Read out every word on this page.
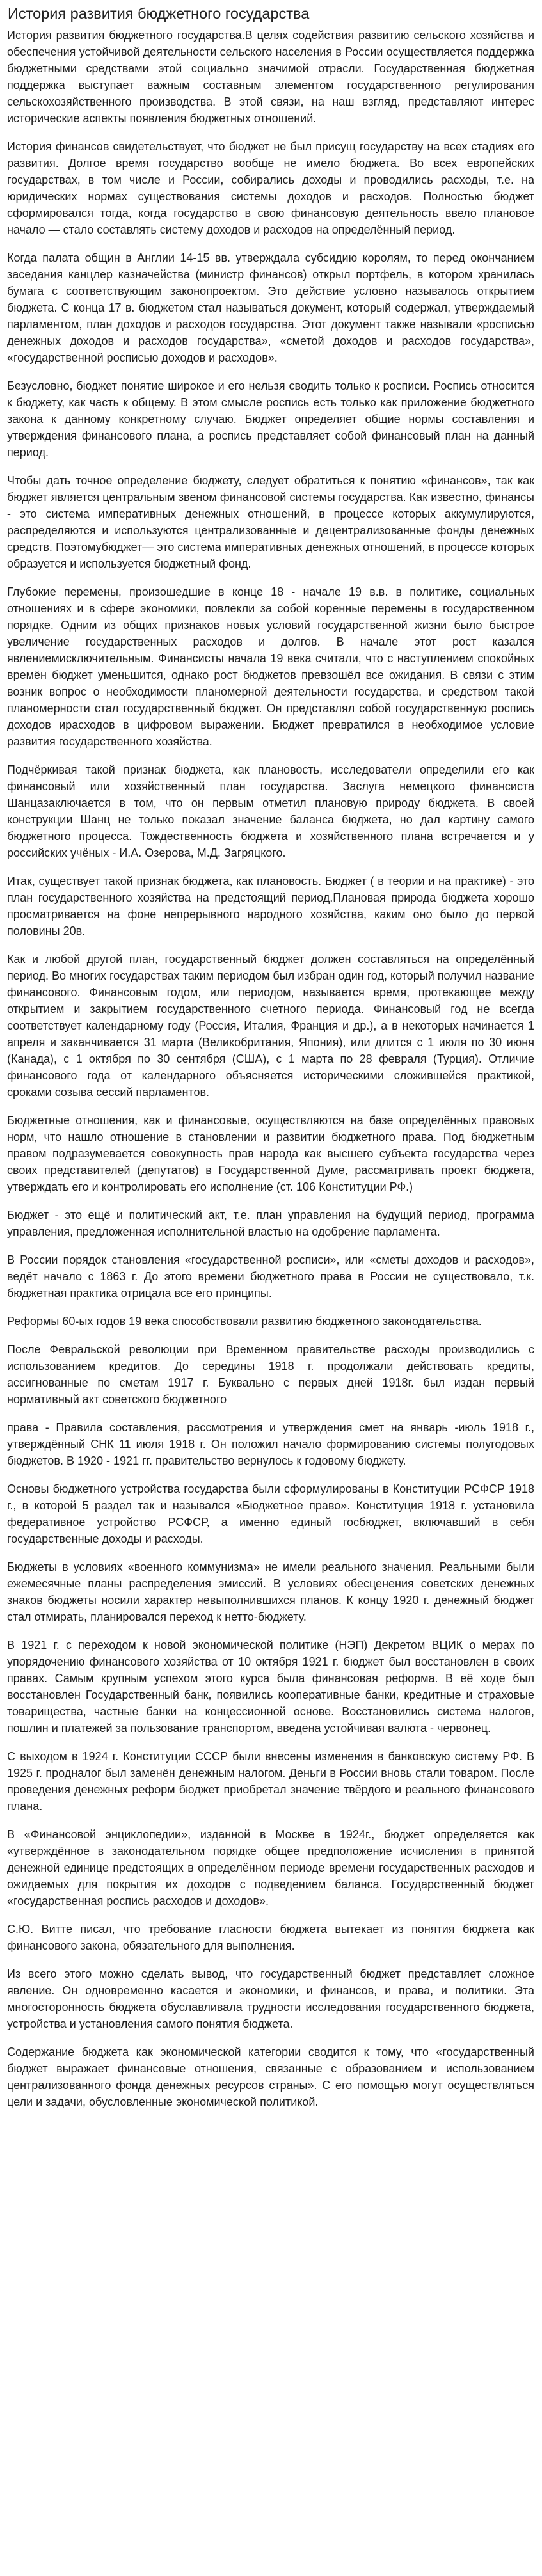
История развития бюджетного государства

История развития бюджетного государства.В целях содействия развитию сельского хозяйства и обеспечения устойчивой деятельности сельского населения в России осуществляется поддержка бюджетными средствами этой социально значимой отрасли. Государственная бюджетная поддержка выступает важным составным элементом государственного регулирования сельскохозяйственного производства. В этой связи, на наш взгляд, представляют интерес исторические аспекты появления бюджетных отношений.

История финансов свидетельствует, что бюджет не был присущ государству на всех стадиях его развития. Долгое время государство вообще не имело бюджета. Во всех европейских государствах, в том числе и России, собирались доходы и проводились расходы, т.е. на юридических нормах существования системы доходов и расходов. Полностью бюджет сформировался тогда, когда государство в свою финансовую деятельность ввело плановое начало — стало составлять систему доходов и расходов на определённый период.

Когда палата общин в Англии 14-15 вв. утверждала субсидию королям, то перед окончанием заседания канцлер казначейства (министр финансов) открыл портфель, в котором хранилась бумага с соответствующим законопроектом. Это действие условно называлось открытием бюджета. С конца 17 в. бюджетом стал называться документ, который содержал, утверждаемый парламентом, план доходов и расходов государства. Этот документ также называли «росписью денежных доходов и расходов государства», «сметой доходов и расходов государства», «государственной росписью доходов и расходов».

Безусловно, бюджет понятие широкое и его нельзя сводить только к росписи. Роспись относится к бюджету, как часть к общему. В этом смысле роспись есть только как приложение бюджетного закона к данному конкретному случаю. Бюджет определяет общие нормы составления и утверждения финансового плана, а роспись представляет собой финансовый план на данный период.

Чтобы дать точное определение бюджету, следует обратиться к понятию «финансов», так как бюджет является центральным звеном финансовой системы государства. Как известно, финансы - это система императивных денежных отношений, в процессе которых аккумулируются, распределяются и используются централизованные и децентрализованные фонды денежных средств. Поэтомубюджет— это система императивных денежных отношений, в процессе которых образуется и используется бюджетный фонд.

Глубокие перемены, произошедшие в конце 18 - начале 19 в.в. в политике, социальных отношениях и в сфере экономики, повлекли за собой коренные перемены в государственном порядке. Одним из общих признаков новых условий государственной жизни было быстрое увеличение государственных расходов и долгов. В начале этот рост казался явлениемисключительным. Финансисты начала 19 века считали, что с наступлением спокойных времён бюджет уменьшится, однако рост бюджетов превзошёл все ожидания. В связи с этим возник вопрос о необходимости планомерной деятельности государства, и средством такой планомерности стал государственный бюджет. Он представлял собой государственную роспись доходов ирасходов в цифровом выражении. Бюджет превратился в необходимое условие развития государственного хозяйства.

Подчёркивая такой признак бюджета, как плановость, исследователи определили его как финансовый или хозяйственный план государства. Заслуга немецкого финансиста Шанцазаключается в том, что он первым отметил плановую природу бюджета. В своей конструкции Шанц не только показал значение баланса бюджета, но дал картину самого бюджетного процесса. Тождественность бюджета и хозяйственного плана встречается и у российских учёных - И.А. Озерова, М.Д. Загряцкого.

Итак, существует такой признак бюджета, как плановость. Бюджет ( в теории и на практике) - это план государственного хозяйства на предстоящий период.Плановая природа бюджета хорошо просматривается на фоне непрерывного народного хозяйства, каким оно было до первой половины 20в.

Как и любой другой план, государственный бюджет должен составляться на определённый период. Во многих государствах таким периодом был избран один год, который получил название финансового. Финансовым годом, или периодом, называется время, протекающее между открытием и закрытием государственного счетного периода. Финансовый год не всегда соответствует календарному году (Россия, Италия, Франция и др.), а в некоторых начинается 1 апреля и заканчивается 31 марта (Великобритания, Япония), или длится с 1 июля по 30 июня (Канада), с 1 октября по 30 сентября (США), с 1 марта по 28 февраля (Турция). Отличие финансового года от календарного объясняется историческими сложившейся практикой, сроками созыва сессий парламентов.

Бюджетные отношения, как и финансовые, осуществляются на базе определённых правовых норм, что нашло отношение в становлении и развитии бюджетного права. Под бюджетным правом подразумевается совокупность прав народа как высшего субъекта государства через своих представителей (депутатов) в Государственной Думе, рассматривать проект бюджета, утверждать его и контролировать его исполнение (ст. 106 Конституции РФ.)

Бюджет - это ещё и политический акт, т.е. план управления на будущий период, программа управления, предложенная исполнительной властью на одобрение парламента.

В России порядок становления «государственной росписи», или «сметы доходов и расходов», ведёт начало с 1863 г. До этого времени бюджетного права в России не существовало, т.к. бюджетная практика отрицала все его принципы.

Реформы 60-ых годов 19 века способствовали развитию бюджетного законодательства.

После Февральской революции при Временном правительстве расходы производились с использованием кредитов. До середины 1918 г. продолжали действовать кредиты, ассигнованные по сметам 1917 г. Буквально с первых дней 1918г. был издан первый нормативный акт советского бюджетного

права - Правила составления, рассмотрения и утверждения смет на январь -июль 1918 г., утверждённый СНК 11 июля 1918 г. Он положил начало формированию системы полугодовых бюджетов. В 1920 - 1921 гг. правительство вернулось к годовому бюджету.

Основы бюджетного устройства государства были сформулированы в Конституции РСФСР 1918 г., в которой 5 раздел так и назывался «Бюджетное право». Конституция 1918 г. установила федеративное устройство РСФСР, а именно единый госбюджет, включавший в себя государственные доходы и расходы.

Бюджеты в условиях «военного коммунизма» не имели реального значения. Реальными были ежемесячные планы распределения эмиссий. В условиях обесценения советских денежных знаков бюджеты носили характер невыполнившихся планов. К концу 1920 г. денежный бюджет стал отмирать, планировался переход к нетто-бюджету.

В 1921 г. с переходом к новой экономической политике (НЭП) Декретом ВЦИК о мерах по упорядочению финансового хозяйства от 10 октября 1921 г. бюджет был восстановлен в своих правах. Самым крупным успехом этого курса была финансовая реформа. В её ходе был восстановлен Государственный банк, появились кооперативные банки, кредитные и страховые товарищества, частные банки на концессионной основе. Восстановились система налогов, пошлин и платежей за пользование транспортом, введена устойчивая валюта - червонец.

С выходом в 1924 г. Конституции СССР были внесены изменения в банковскую систему РФ. В 1925 г. продналог был заменён денежным налогом. Деньги в России вновь стали товаром. После проведения денежных реформ бюджет приобретал значение твёрдого и реального финансового плана.

В «Финансовой энциклопедии», изданной в Москве в 1924г., бюджет определяется как «утверждённое в законодательном порядке общее предположение исчисления в принятой денежной единице предстоящих в определённом периоде времени государственных расходов и ожидаемых для покрытия их доходов с подведением баланса. Государственный бюджет «государственная роспись расходов и доходов».

С.Ю. Витте писал, что требование гласности бюджета вытекает из понятия бюджета как финансового закона, обязательного для выполнения.

Из всего этого можно сделать вывод, что государственный бюджет представляет сложное явление. Он одновременно касается и экономики, и финансов, и права, и политики. Эта многосторонность бюджета обуславливала трудности исследования государственного бюджета, устройства и установления самого понятия бюджета.

Содержание бюджета как экономической категории сводится к тому, что «государственный бюджет выражает финансовые отношения, связанные с образованием и использованием централизованного фонда денежных ресурсов страны». С его помощью могут осуществляться цели и задачи, обусловленные экономической политикой.
